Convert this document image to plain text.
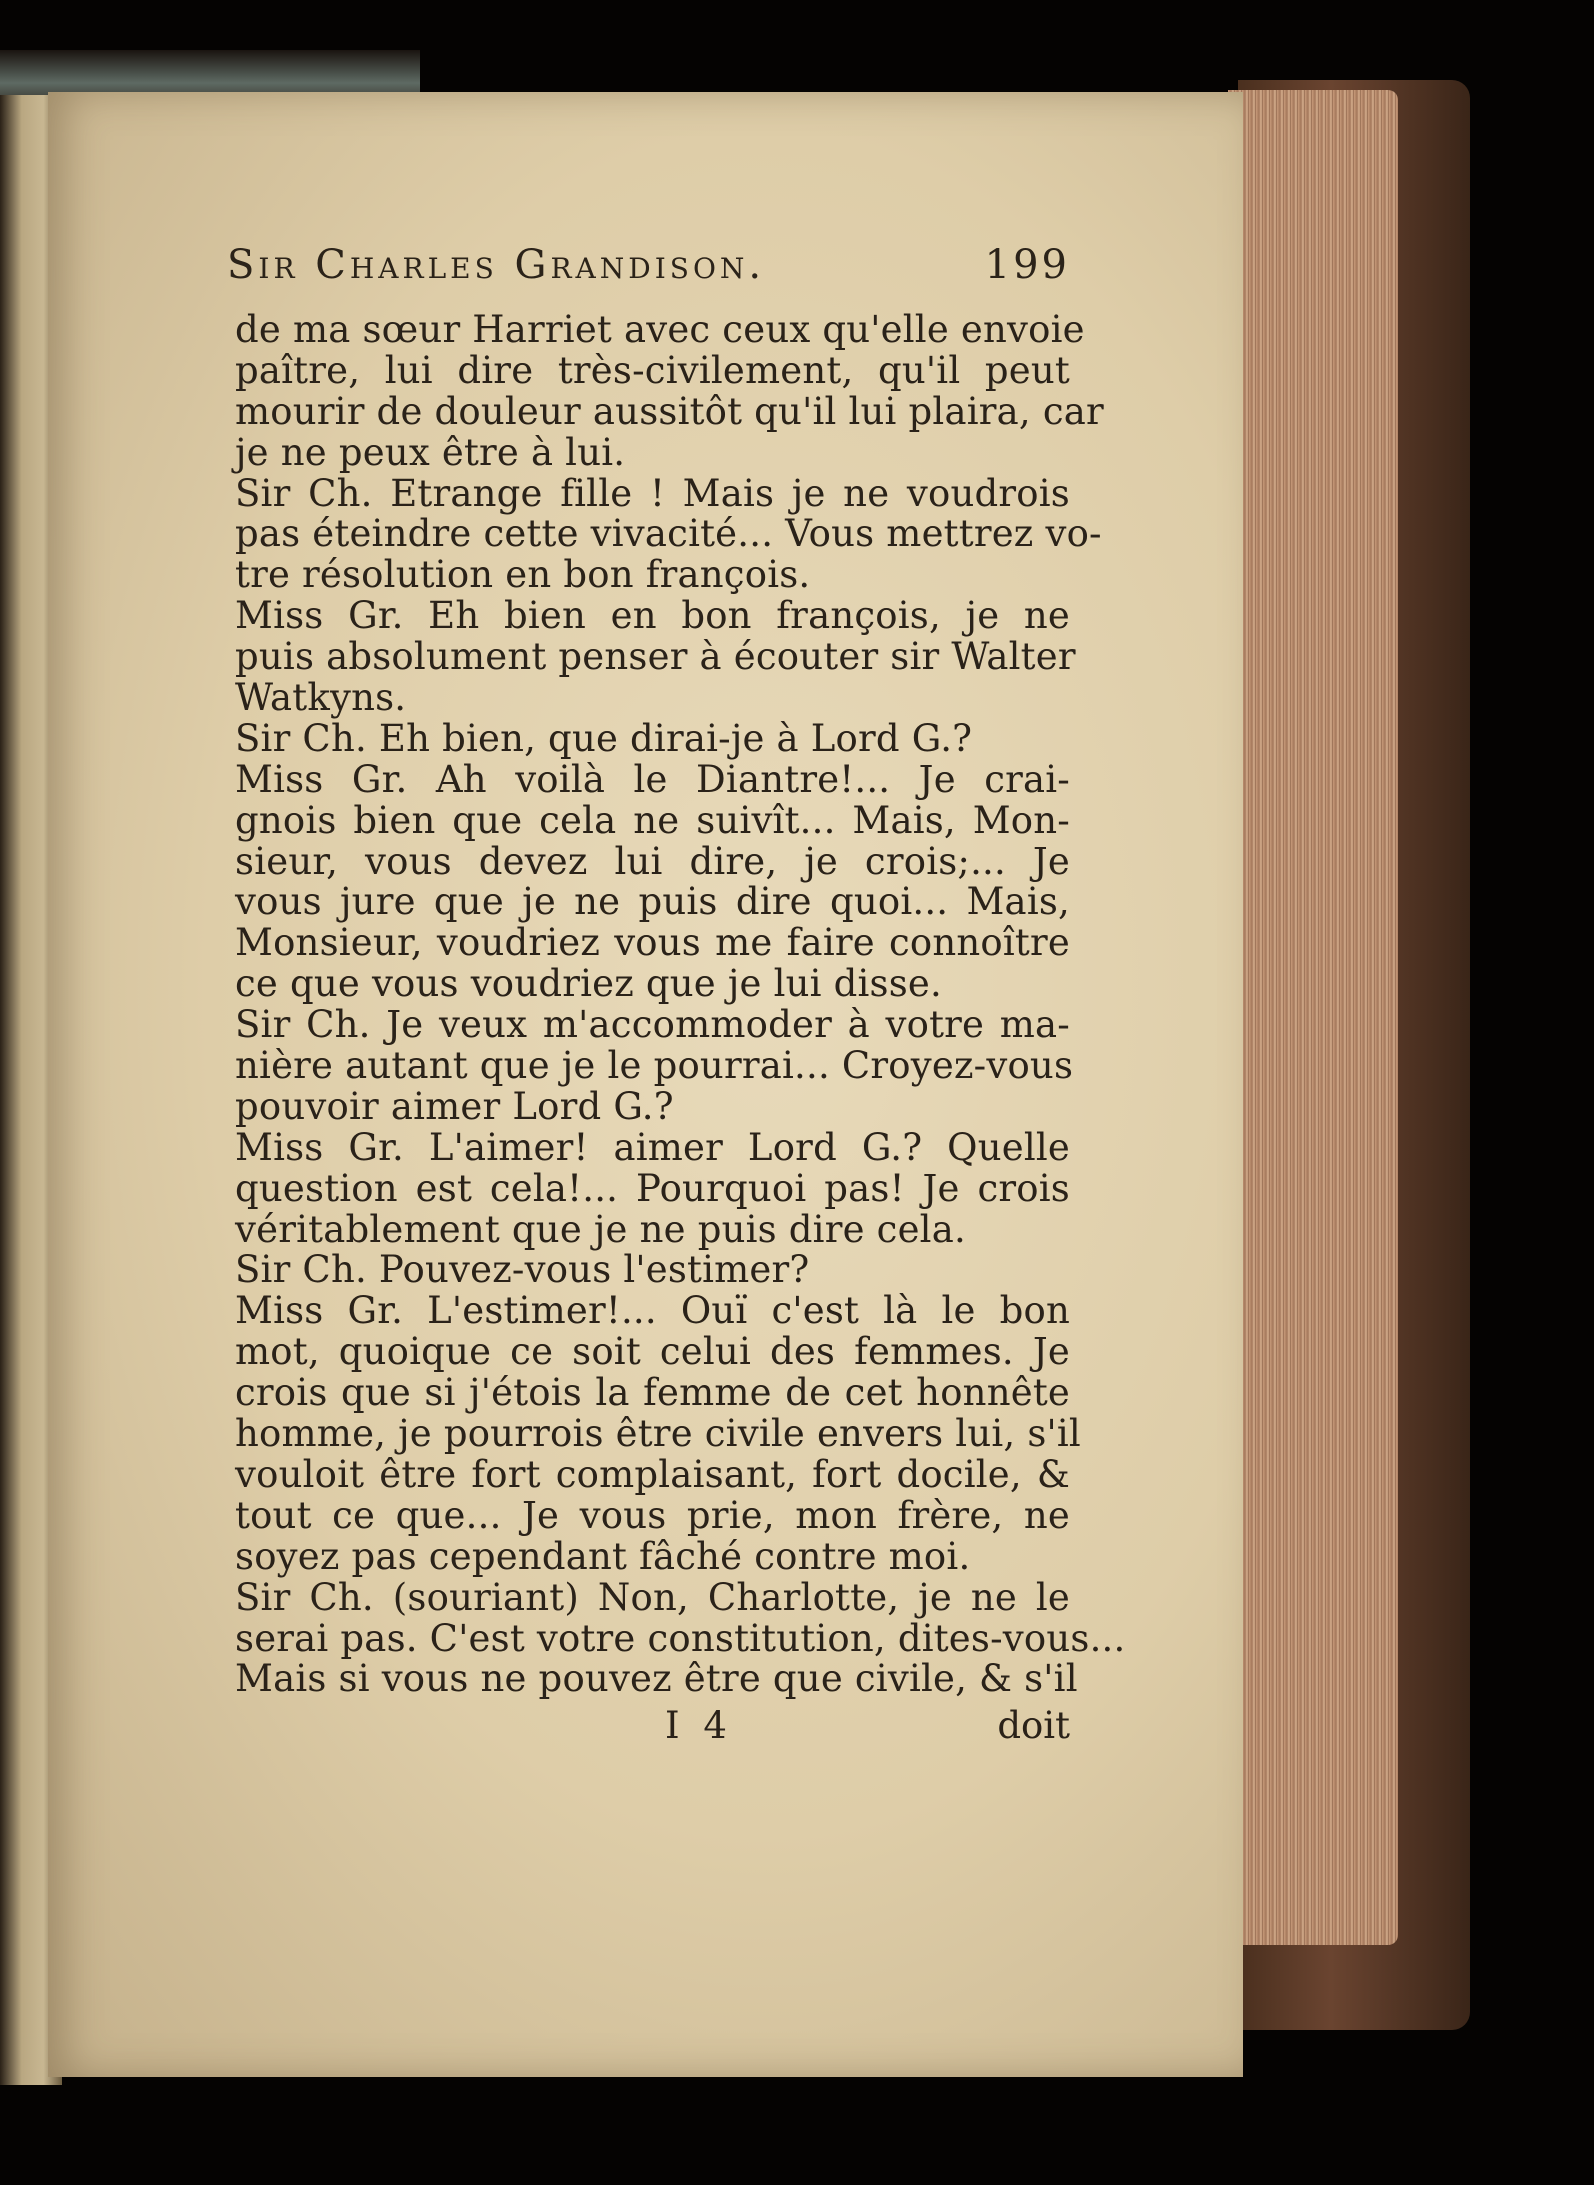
Sir Charles Grandison.	199
de ma sœur Harriet avec ceux qu'elle envoie
paître, lui dire très-civilement, qu'il peut
mourir de douleur aussitôt qu'il lui plaira, car
je ne peux être à lui.
Sir Ch. Etrange fille ! Mais je ne voudrois
pas éteindre cette vivacité... Vous mettrez vo-
tre résolution en bon françois.
Miss Gr. Eh bien en bon françois, je ne
puis absolument penser à écouter sir Walter
Watkyns.
Sir Ch. Eh bien, que dirai-je à Lord G.?
Miss Gr. Ah voilà le Diantre!... Je crai-
gnois bien que cela ne suivît... Mais, Mon-
sieur, vous devez lui dire, je crois;... Je
vous jure que je ne puis dire quoi... Mais,
Monsieur, voudriez vous me faire connoître
ce que vous voudriez que je lui disse.
Sir Ch. Je veux m'accommoder à votre ma-
nière autant que je le pourrai... Croyez-vous
pouvoir aimer Lord G.?
Miss Gr. L'aimer! aimer Lord G.? Quelle
question est cela!... Pourquoi pas! Je crois
véritablement que je ne puis dire cela.
Sir Ch. Pouvez-vous l'estimer?
Miss Gr. L'estimer!... Ouï c'est là le bon
mot, quoique ce soit celui des femmes. Je
crois que si j'étois la femme de cet honnête
homme, je pourrois être civile envers lui, s'il
vouloit être fort complaisant, fort docile, &
tout ce que... Je vous prie, mon frère, ne
soyez pas cependant fâché contre moi.
Sir Ch. (souriant) Non, Charlotte, je ne le
serai pas. C'est votre constitution, dites-vous...
Mais si vous ne pouvez être que civile, & s'il
I 4	doit
